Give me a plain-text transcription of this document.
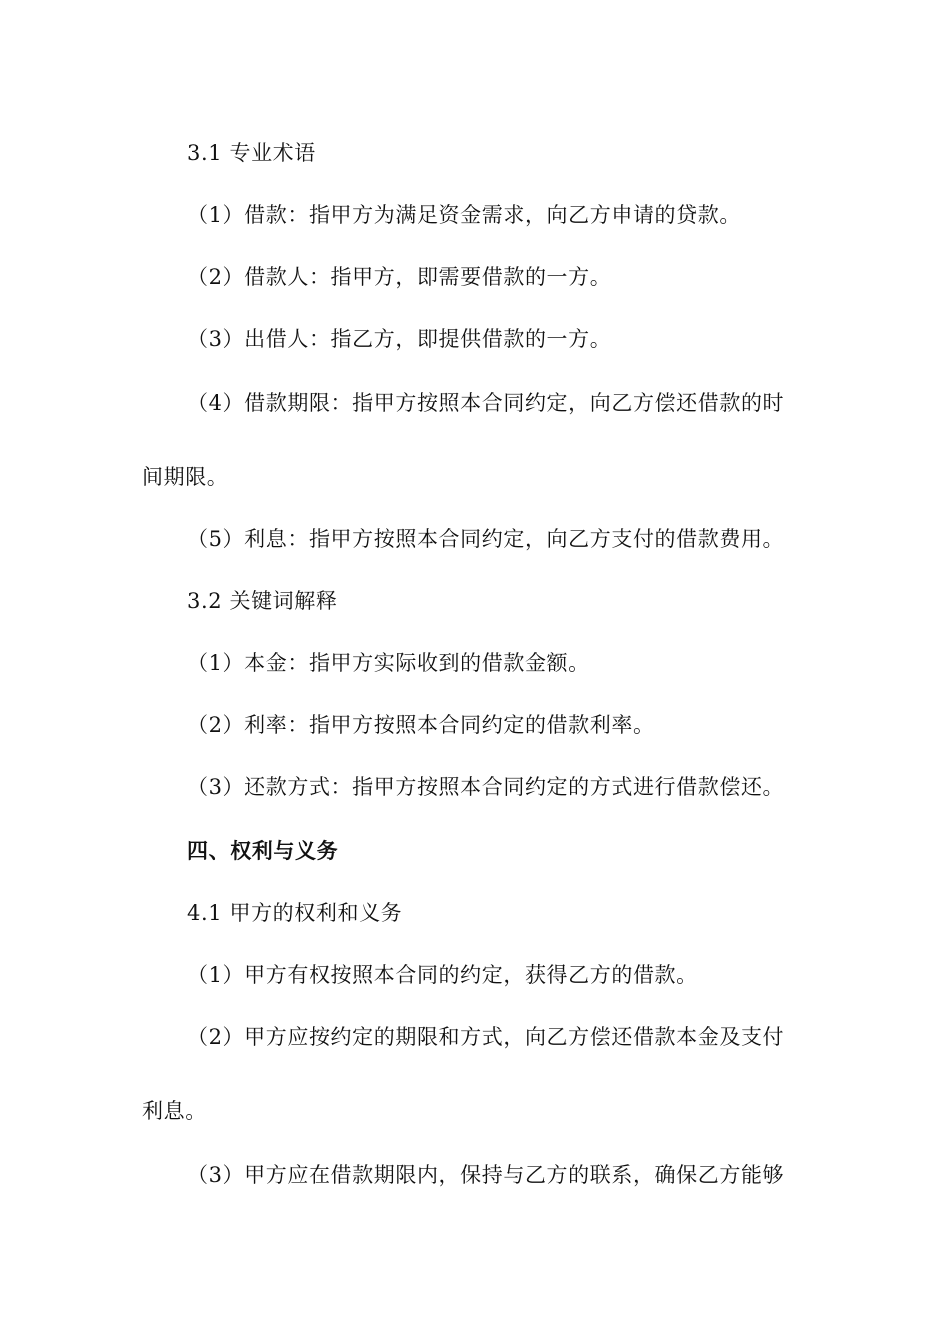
3.1 专业术语
（1）借款：指甲方为满足资金需求，向乙方申请的贷款。
（2）借款人：指甲方，即需要借款的一方。
（3）出借人：指乙方，即提供借款的一方。
（4）借款期限：指甲方按照本合同约定，向乙方偿还借款的时
间期限。
（5）利息：指甲方按照本合同约定，向乙方支付的借款费用。
3.2 关键词解释
（1）本金：指甲方实际收到的借款金额。
（2）利率：指甲方按照本合同约定的借款利率。
（3）还款方式：指甲方按照本合同约定的方式进行借款偿还。
四、权利与义务
4.1 甲方的权利和义务
（1）甲方有权按照本合同的约定，获得乙方的借款。
（2）甲方应按约定的期限和方式，向乙方偿还借款本金及支付
利息。
（3）甲方应在借款期限内，保持与乙方的联系，确保乙方能够
